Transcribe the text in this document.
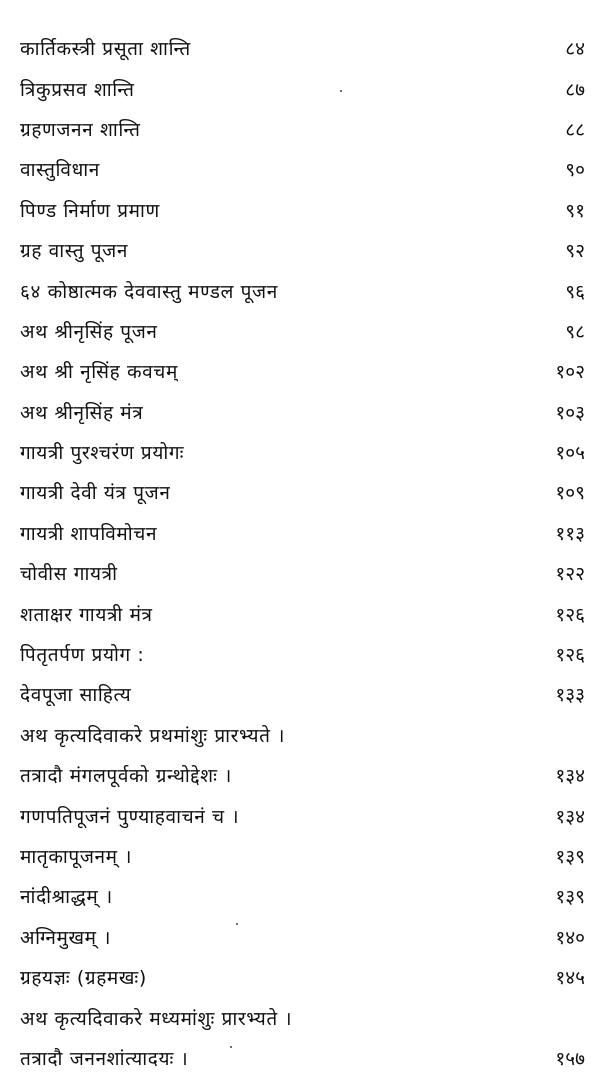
कार्तिकस्त्री प्रसूता शान्ति	८४
त्रिकुप्रसव शान्ति	८७
ग्रहणजनन शान्ति	८८
वास्तुविधान	९०
पिण्ड निर्माण प्रमाण	९१
ग्रह वास्तु पूजन	९२
६४ कोष्ठात्मक देववास्तु मण्डल पूजन	९६
अथ श्रीनृसिंह पूजन	९८
अथ श्री नृसिंह कवचम्	१०२
अथ श्रीनृसिंह मंत्र	१०३
गायत्री पुरश्चरंण प्रयोगः	१०५
गायत्री देवी यंत्र पूजन	१०९
गायत्री शापविमोचन	११३
चोवीस गायत्री	१२२
शताक्षर गायत्री मंत्र	१२६
पितृतर्पण प्रयोग :	१२६
देवपूजा साहित्य	१३३
अथ कृत्यदिवाकरे प्रथमांशुः प्रारभ्यते ।
तत्रादौ मंगलपूर्वको ग्रन्थोद्देशः ।	१३४
गणपतिपूजनं पुण्याहवाचनं च ।	१३४
मातृकापूजनम् ।	१३९
नांदीश्राद्धम् ।	१३९
अग्निमुखम् ।	१४०
ग्रहयज्ञः (ग्रहमखः)	१४५
अथ कृत्यदिवाकरे मध्यमांशुः प्रारभ्यते ।
तत्रादौ जननशांत्यादयः ।	१५७
